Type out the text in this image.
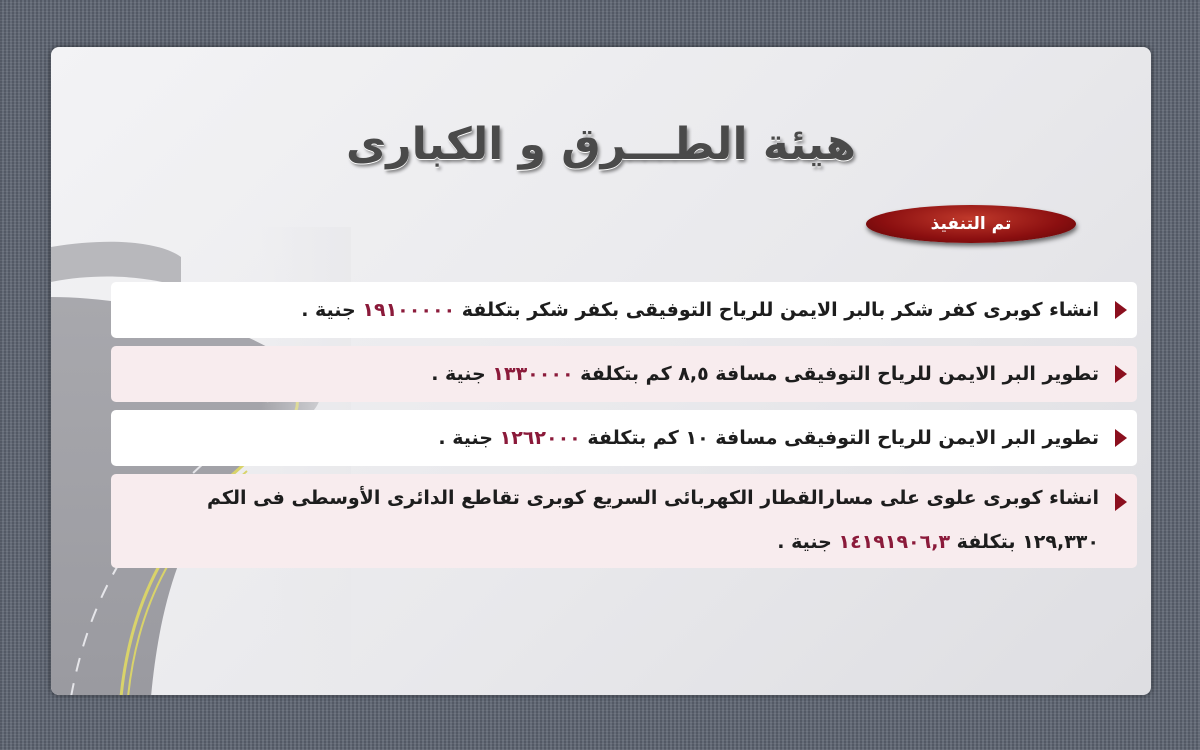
هيئة الطـــرق و الكبارى
تم التنفيذ
انشاء كوبرى كفر شكر بالبر الايمن للرياح التوفيقى بكفر شكر بتكلفة ١٩١٠٠٠٠٠ جنية .
تطوير البر الايمن للرياح التوفيقى مسافة ٨,٥ كم بتكلفة ١٣٣٠٠٠٠ جنية .
تطوير البر الايمن للرياح التوفيقى مسافة ١٠ كم بتكلفة ١٢٦٢٠٠٠ جنية .
انشاء كوبرى علوى على مسارالقطار الكهربائى السريع كوبرى تقاطع الدائرى الأوسطى فى الكم ١٢٩,٣٣٠ بتكلفة ١٤١٩١٩٠٦,٣ جنية .
